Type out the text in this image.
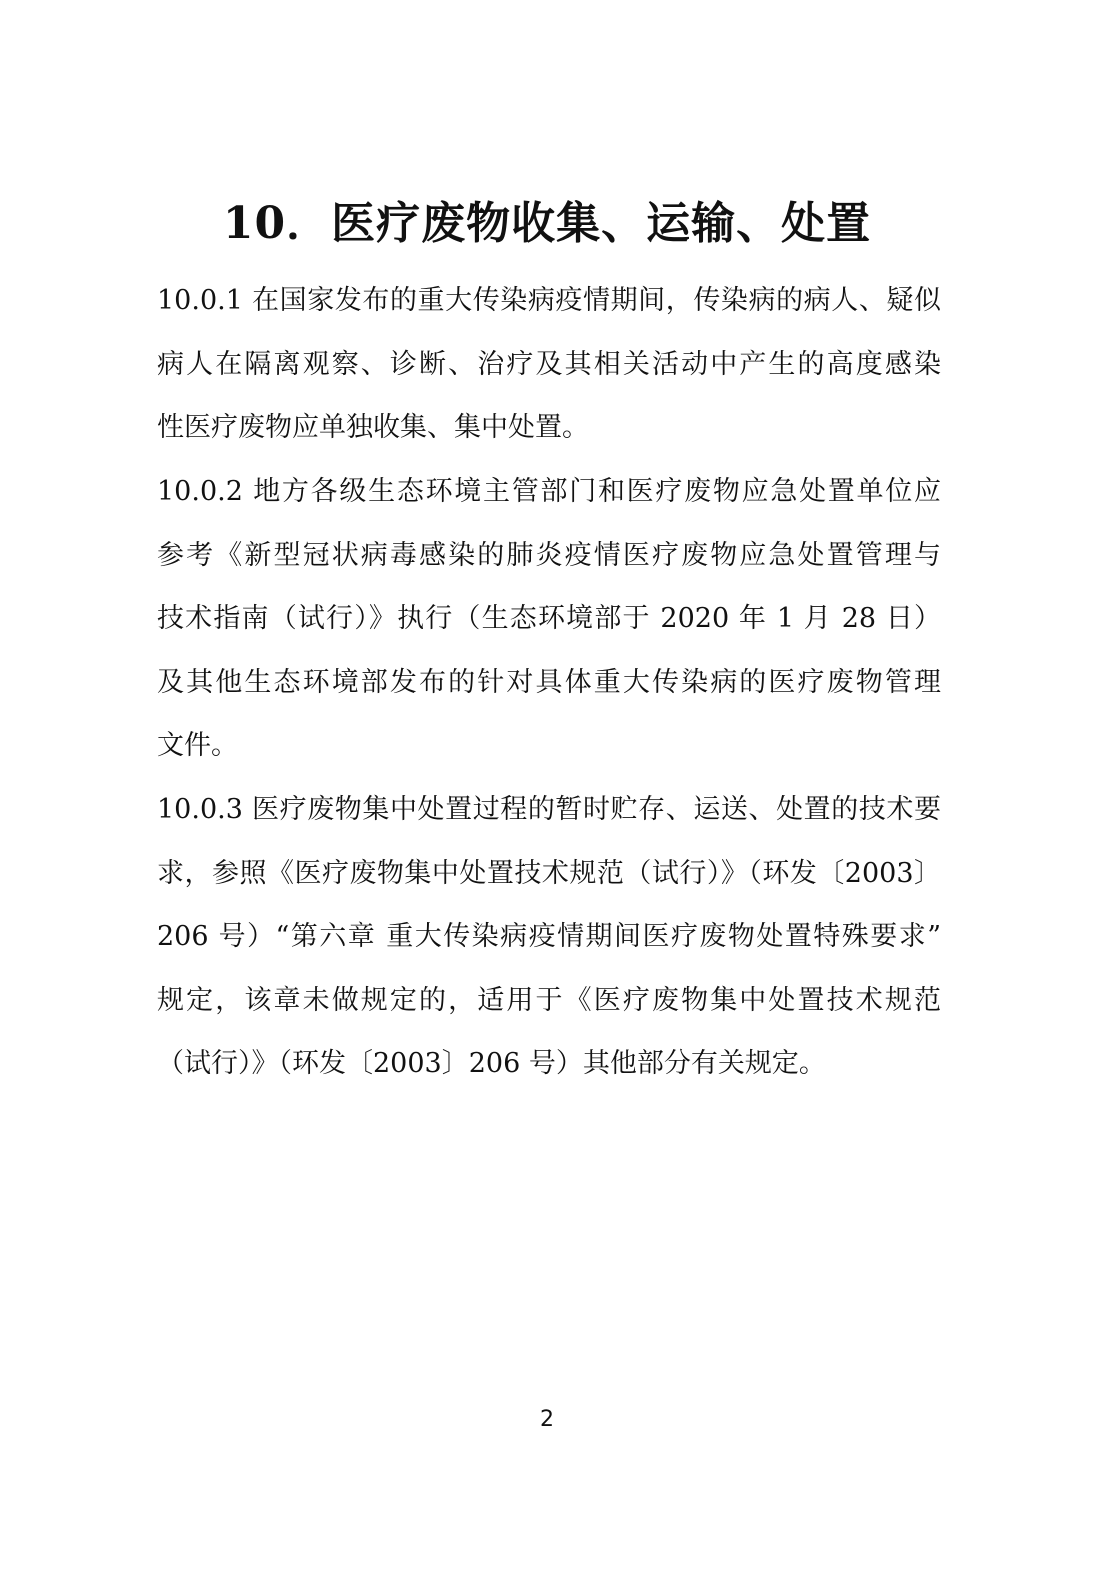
10．医疗废物收集、运输、处置
10.0.1 在国家发布的重大传染病疫情期间，传染病的病人、疑似
病人在隔离观察、诊断、治疗及其相关活动中产生的高度感染
性医疗废物应单独收集、集中处置。
10.0.2 地方各级生态环境主管部门和医疗废物应急处置单位应
参考《新型冠状病毒感染的肺炎疫情医疗废物应急处置管理与
技术指南（试行）》执行（生态环境部于 2020 年 1 月 28 日）
及其他生态环境部发布的针对具体重大传染病的医疗废物管理
文件。
10.0.3 医疗废物集中处置过程的暂时贮存、运送、处置的技术要
求，参照《医疗废物集中处置技术规范（试行）》（环发〔2003〕
206 号）“第六章 重大传染病疫情期间医疗废物处置特殊要求”
规定，该章未做规定的，适用于《医疗废物集中处置技术规范
（试行）》（环发〔2003〕206 号）其他部分有关规定。
2
